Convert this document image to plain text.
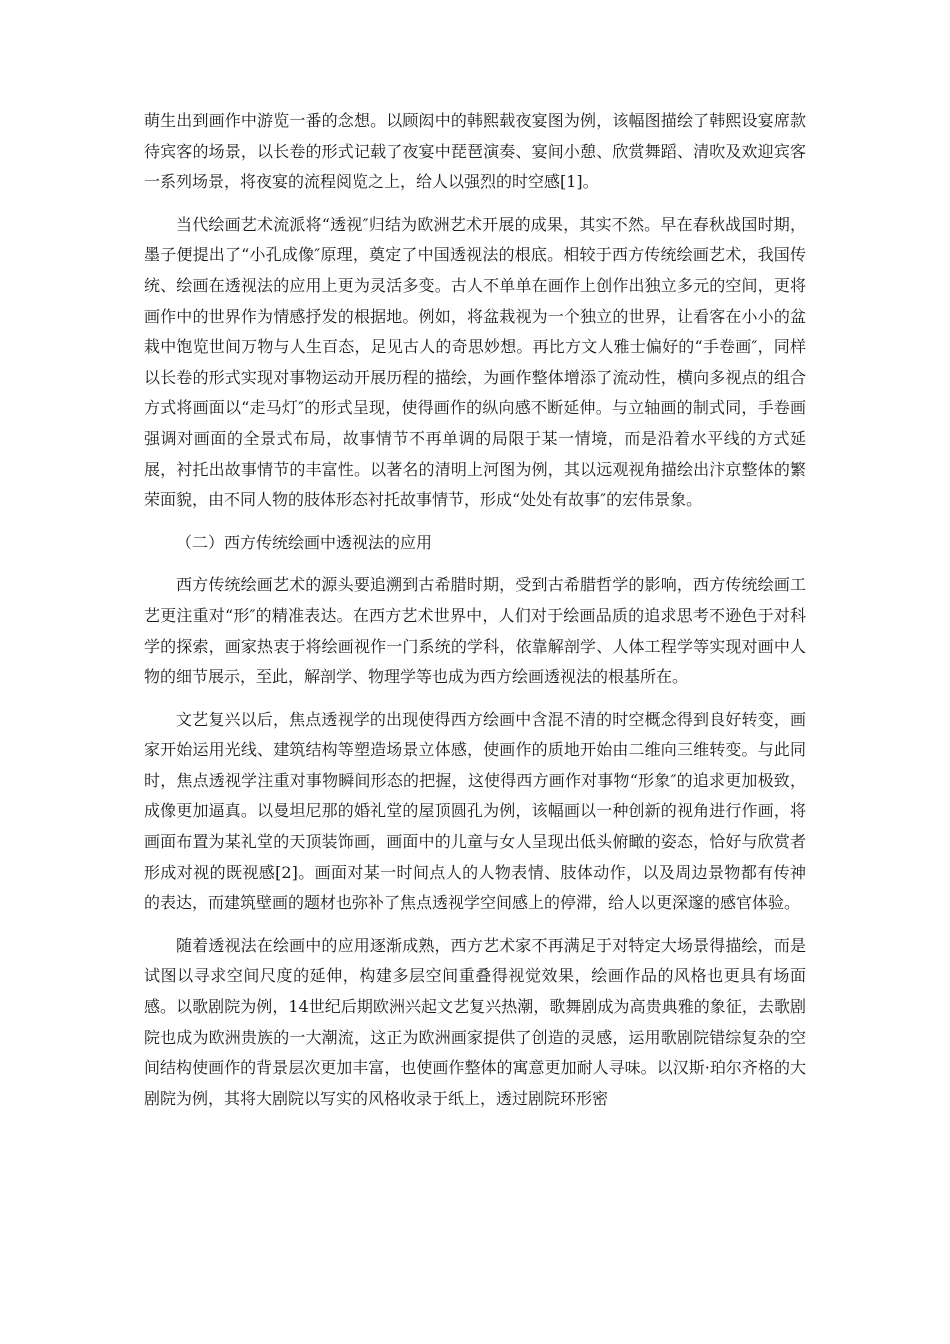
萌生出到画作中游览一番的念想。以顾闳中的韩熙载夜宴图为例，该幅图描绘了韩熙设宴席款待宾客的场景，以长卷的形式记载了夜宴中琵琶演奏、宴间小憩、欣赏舞蹈、清吹及欢迎宾客一系列场景，将夜宴的流程阅览之上，给人以强烈的时空感[1]。

当代绘画艺术流派将“透视″归结为欧洲艺术开展的成果，其实不然。早在春秋战国时期，墨子便提出了“小孔成像″原理，奠定了中国透视法的根底。相较于西方传统绘画艺术，我国传统、绘画在透视法的应用上更为灵活多变。古人不单单在画作上创作出独立多元的空间，更将画作中的世界作为情感抒发的根据地。例如，将盆栽视为一个独立的世界，让看客在小小的盆栽中饱览世间万物与人生百态，足见古人的奇思妙想。再比方文人雅士偏好的“手卷画″，同样以长卷的形式实现对事物运动开展历程的描绘，为画作整体增添了流动性，横向多视点的组合方式将画面以“走马灯″的形式呈现，使得画作的纵向感不断延伸。与立轴画的制式同，手卷画强调对画面的全景式布局，故事情节不再单调的局限于某一情境，而是沿着水平线的方式延展，衬托出故事情节的丰富性。以著名的清明上河图为例，其以远观视角描绘出汴京整体的繁荣面貌，由不同人物的肢体形态衬托故事情节，形成“处处有故事″的宏伟景象。

（二）西方传统绘画中透视法的应用

西方传统绘画艺术的源头要追溯到古希腊时期，受到古希腊哲学的影响，西方传统绘画工艺更注重对“形″的精准表达。在西方艺术世界中，人们对于绘画品质的追求思考不逊色于对科学的探索，画家热衷于将绘画视作一门系统的学科，依靠解剖学、人体工程学等实现对画中人物的细节展示，至此，解剖学、物理学等也成为西方绘画透视法的根基所在。

文艺复兴以后，焦点透视学的出现使得西方绘画中含混不清的时空概念得到良好转变，画家开始运用光线、建筑结构等塑造场景立体感，使画作的质地开始由二维向三维转变。与此同时，焦点透视学注重对事物瞬间形态的把握，这使得西方画作对事物“形象″的追求更加极致，成像更加逼真。以曼坦尼那的婚礼堂的屋顶圆孔为例，该幅画以一种创新的视角进行作画，将画面布置为某礼堂的天顶装饰画，画面中的儿童与女人呈现出低头俯瞰的姿态，恰好与欣赏者形成对视的既视感[2]。画面对某一时间点人的人物表情、肢体动作，以及周边景物都有传神的表达，而建筑壁画的题材也弥补了焦点透视学空间感上的停滞，给人以更深邃的感官体验。

随着透视法在绘画中的应用逐渐成熟，西方艺术家不再满足于对特定大场景得描绘，而是试图以寻求空间尺度的延伸，构建多层空间重叠得视觉效果，绘画作品的风格也更具有场面感。以歌剧院为例，14世纪后期欧洲兴起文艺复兴热潮，歌舞剧成为高贵典雅的象征，去歌剧院也成为欧洲贵族的一大潮流，这正为欧洲画家提供了创造的灵感，运用歌剧院错综复杂的空间结构使画作的背景层次更加丰富，也使画作整体的寓意更加耐人寻味。以汉斯·珀尔齐格的大剧院为例，其将大剧院以写实的风格收录于纸上，透过剧院环形密
